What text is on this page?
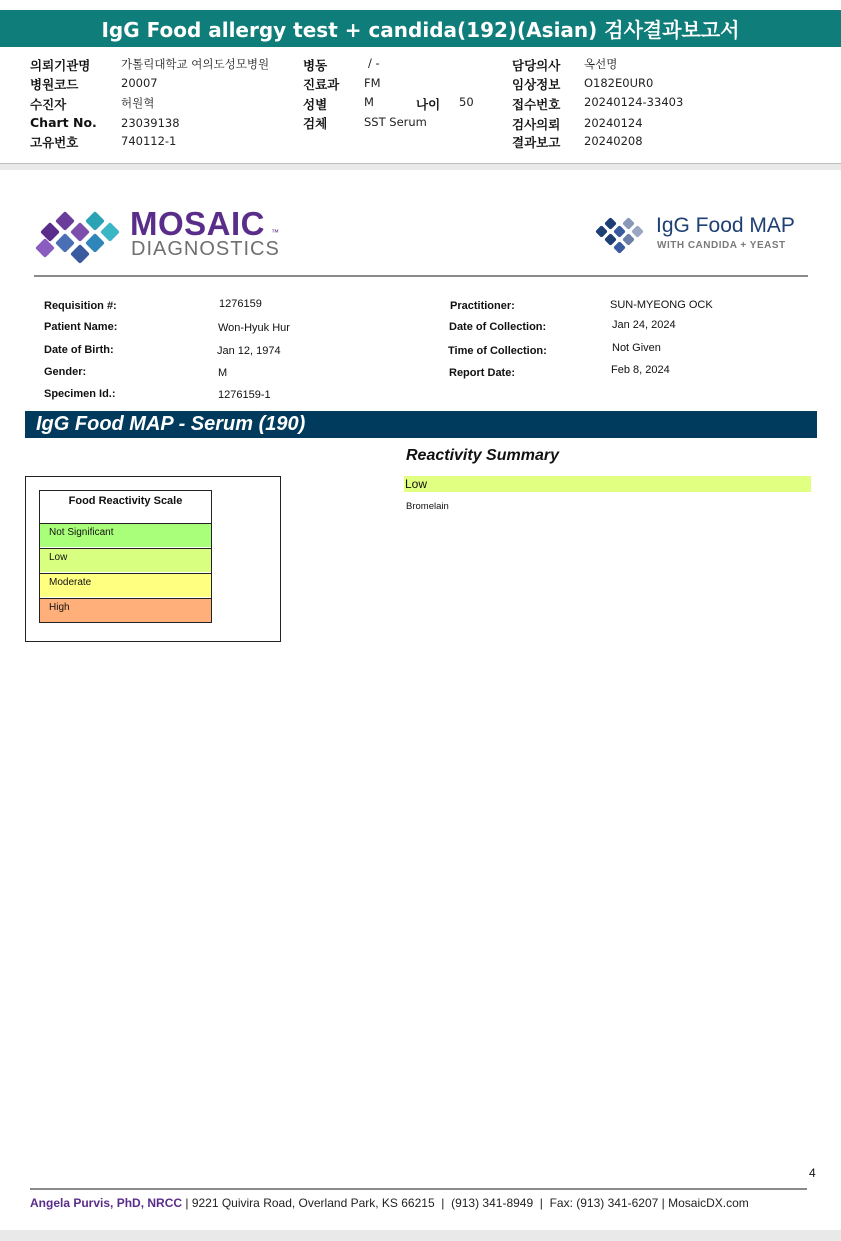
IgG Food allergy test + candida(192)(Asian) 검사결과보고서
의뢰기관명	가톨릭대학교 여의도성모병원
병원코드	20007
수진자	허원혁
Chart No. 23039138
고유번호	740112-1
병동	/ -
진료과 FM
성별	M	나이 50
검체	SST Serum
담당의사 옥선명
임상정보 O182E0UR0
접수번호 20240124-33403
검사의뢰 20240124
결과보고 20240208
MOSAIC ™
DIAGNOSTICS
IgG Food MAP
WITH CANDIDA + YEAST
Requisition #:	1276159
Patient Name:	Won-Hyuk Hur
Date of Birth:	Jan 12, 1974
Gender:	M
Specimen Id.:	1276159-1
Practitioner:	SUN-MYEONG OCK
Date of Collection:	Jan 24, 2024
Time of Collection:	Not Given
Report Date:	Feb 8, 2024
IgG Food MAP - Serum (190)
Food Reactivity Scale
Not Significant
Low
Moderate
High
Reactivity Summary
Low
Bromelain
4
Angela Purvis, PhD, NRCC | 9221 Quivira Road, Overland Park, KS 66215  |  (913) 341-8949  |  Fax: (913) 341-6207 | MosaicDX.com
